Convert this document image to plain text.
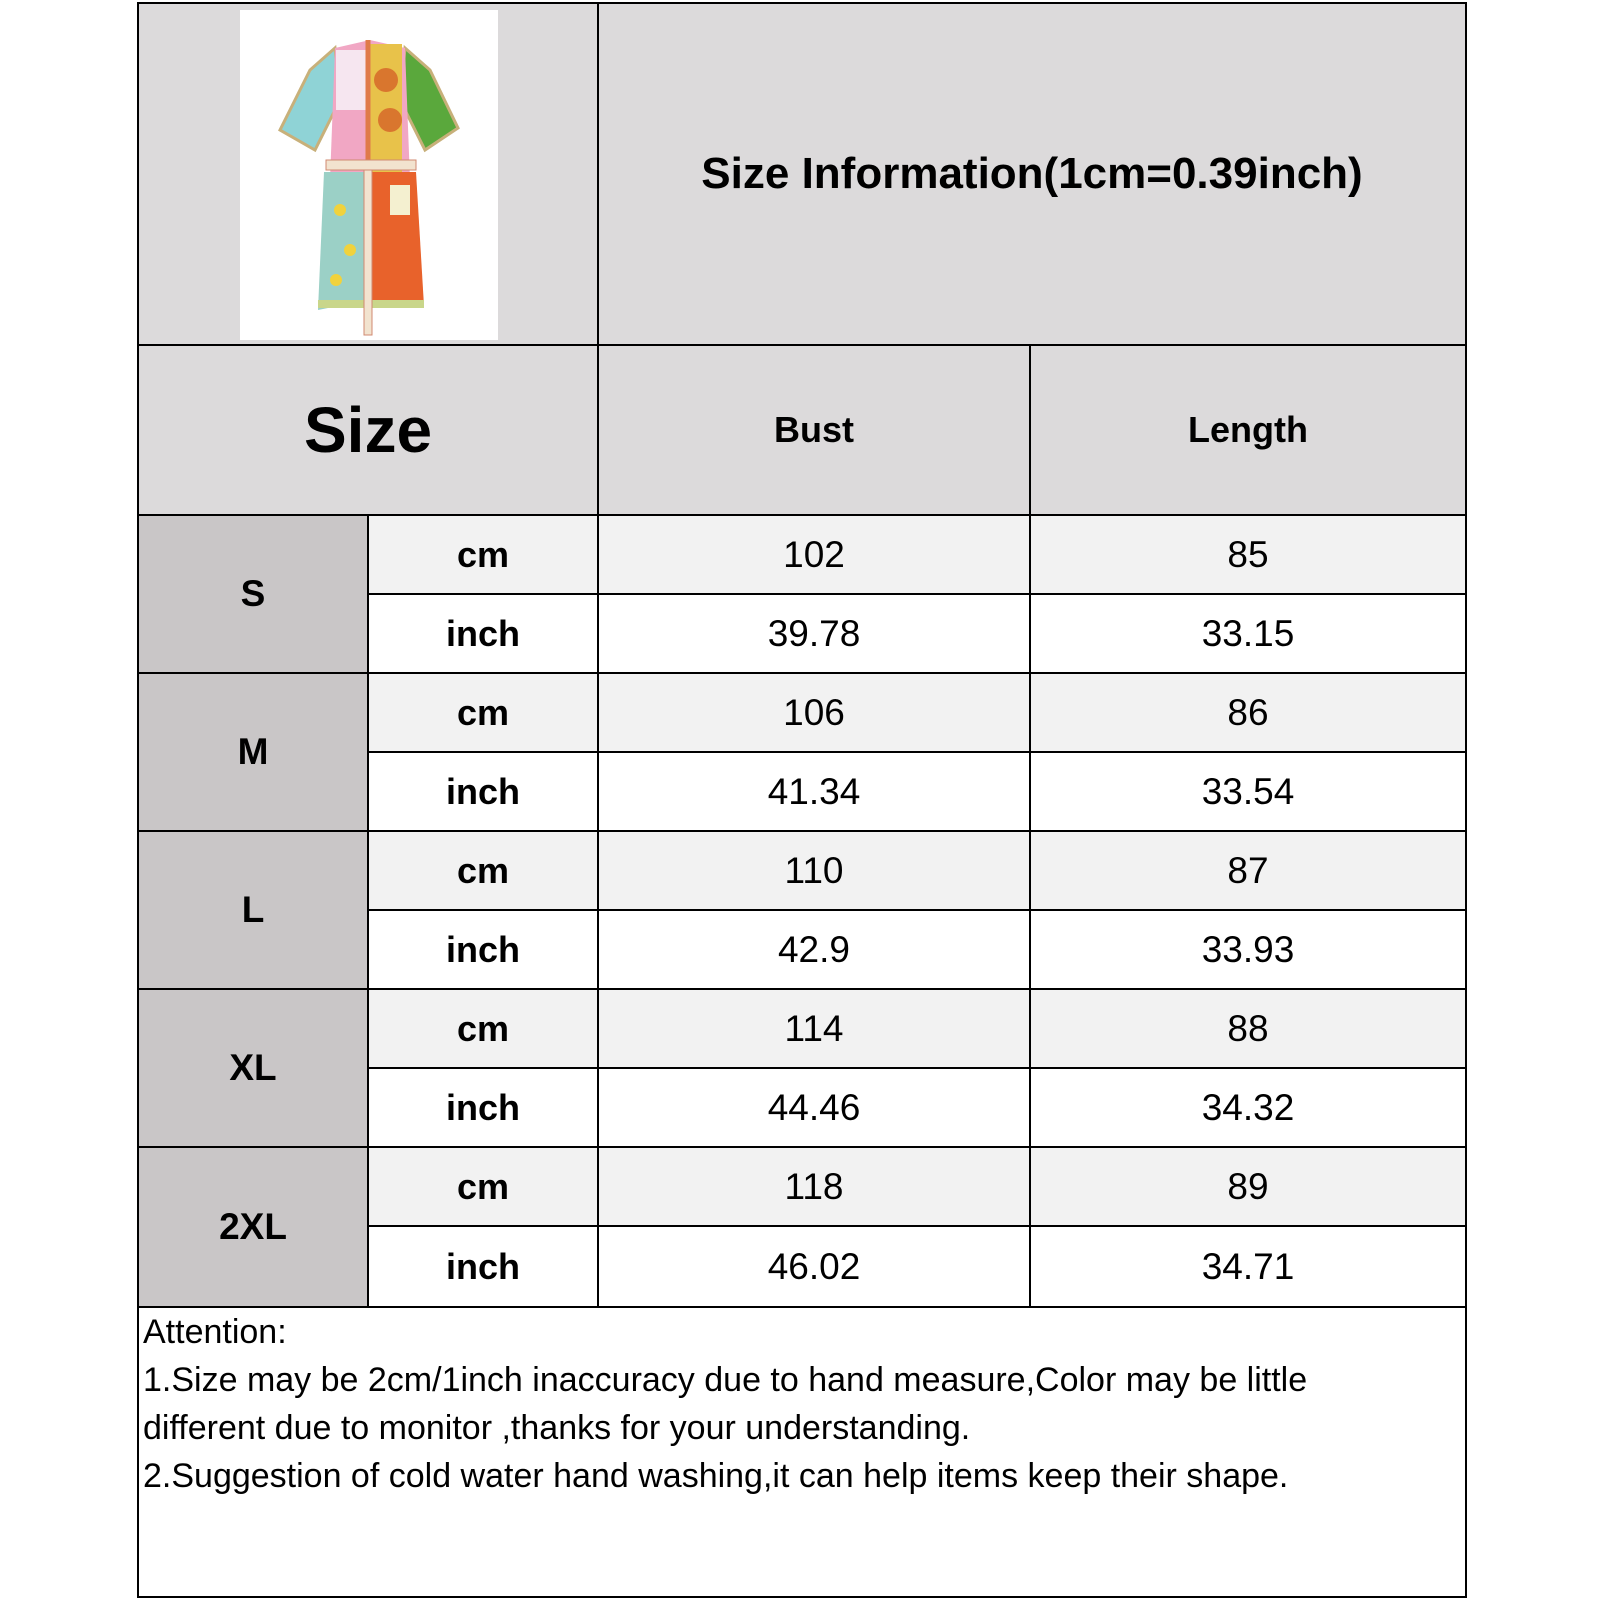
Size Information(1cm=0.39inch)
Size	Bust	Length
S
cm	102	85
inch	39.78	33.15
M
cm	106	86
inch	41.34	33.54
L
cm	110	87
inch	42.9	33.93
XL
cm	114	88
inch	44.46	34.32
2XL
cm	118	89
inch	46.02	34.71
Attention:
1.Size may be 2cm/1inch inaccuracy due to hand measure,Color may be little
different due to monitor ,thanks for your understanding.
2.Suggestion of cold water hand washing,it can help items keep their shape.
